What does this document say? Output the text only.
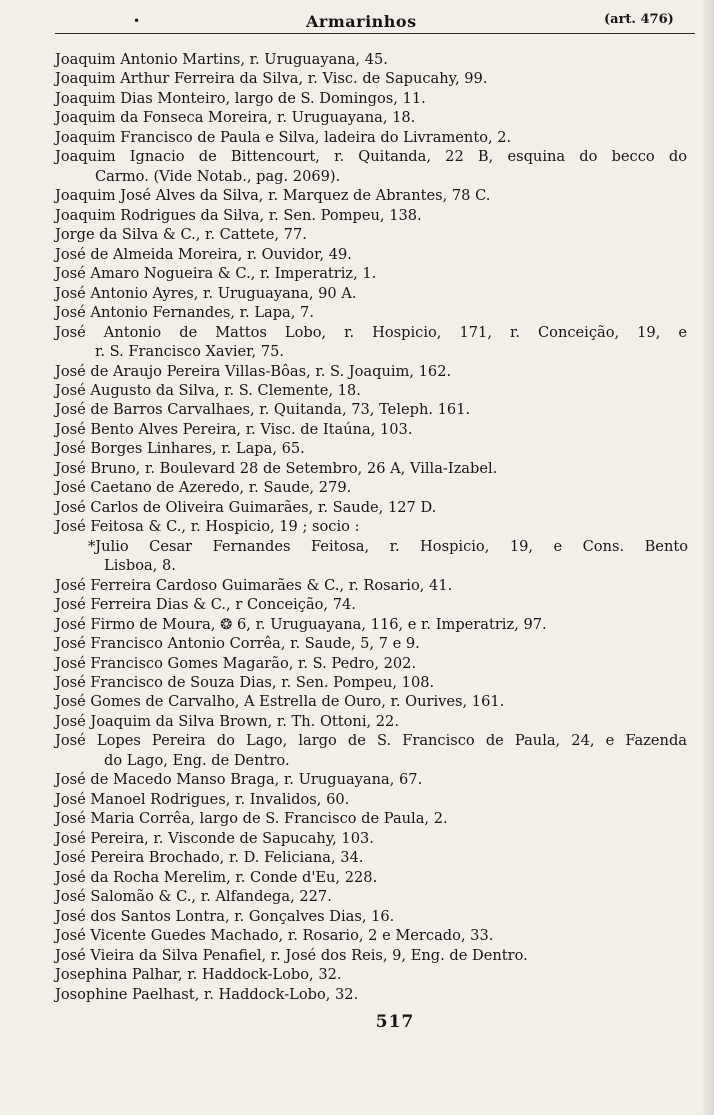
•	Armarinhos	(art. 476)
Joaquim Antonio Martins, r. Uruguayana, 45.
Joaquim Arthur Ferreira da Silva, r. Visc. de Sapucahy, 99.
Joaquim Dias Monteiro, largo de S. Domingos, 11.
Joaquim da Fonseca Moreira, r. Uruguayana, 18.
Joaquim Francisco de Paula e Silva, ladeira do Livramento, 2.
Joaquim Ignacio de Bittencourt, r. Quitanda, 22 B, esquina do becco do
Carmo. (Vide Notab., pag. 2069).
Joaquim José Alves da Silva, r. Marquez de Abrantes, 78 C.
Joaquim Rodrigues da Silva, r. Sen. Pompeu, 138.
Jorge da Silva & C., r. Cattete, 77.
José de Almeida Moreira, r. Ouvidor, 49.
José Amaro Nogueira & C., r. Imperatriz, 1.
José Antonio Ayres, r. Uruguayana, 90 A.
José Antonio Fernandes, r. Lapa, 7.
José Antonio de Mattos Lobo, r. Hospicio, 171, r. Conceição, 19, e
r. S. Francisco Xavier, 75.
José de Araujo Pereira Villas-Bôas, r. S. Joaquim, 162.
José Augusto da Silva, r. S. Clemente, 18.
José de Barros Carvalhaes, r. Quitanda, 73, Teleph. 161.
José Bento Alves Pereira, r. Visc. de Itaúna, 103.
José Borges Linhares, r. Lapa, 65.
José Bruno, r. Boulevard 28 de Setembro, 26 A, Villa-Izabel.
José Caetano de Azeredo, r. Saude, 279.
José Carlos de Oliveira Guimarães, r. Saude, 127 D.
José Feitosa & C., r. Hospicio, 19 ; socio :
*Julio Cesar Fernandes Feitosa, r. Hospicio, 19, e Cons. Bento
Lisboa, 8.
José Ferreira Cardoso Guimarães & C., r. Rosario, 41.
José Ferreira Dias & C., r Conceição, 74.
José Firmo de Moura, ❂ 6, r. Uruguayana, 116, e r. Imperatriz, 97.
José Francisco Antonio Corrêa, r. Saude, 5, 7 e 9.
José Francisco Gomes Magarão, r. S. Pedro, 202.
José Francisco de Souza Dias, r. Sen. Pompeu, 108.
José Gomes de Carvalho, A Estrella de Ouro, r. Ourives, 161.
José Joaquim da Silva Brown, r. Th. Ottoni, 22.
José Lopes Pereira do Lago, largo de S. Francisco de Paula, 24, e Fazenda
do Lago, Eng. de Dentro.
José de Macedo Manso Braga, r. Uruguayana, 67.
José Manoel Rodrigues, r. Invalidos, 60.
José Maria Corrêa, largo de S. Francisco de Paula, 2.
José Pereira, r. Visconde de Sapucahy, 103.
José Pereira Brochado, r. D. Feliciana, 34.
José da Rocha Merelim, r. Conde d'Eu, 228.
José Salomão & C., r. Alfandega, 227.
José dos Santos Lontra, r. Gonçalves Dias, 16.
José Vicente Guedes Machado, r. Rosario, 2 e Mercado, 33.
José Vieira da Silva Penafiel, r. José dos Reis, 9, Eng. de Dentro.
Josephina Palhar, r. Haddock-Lobo, 32.
Josophine Paelhast, r. Haddock-Lobo, 32.
517
